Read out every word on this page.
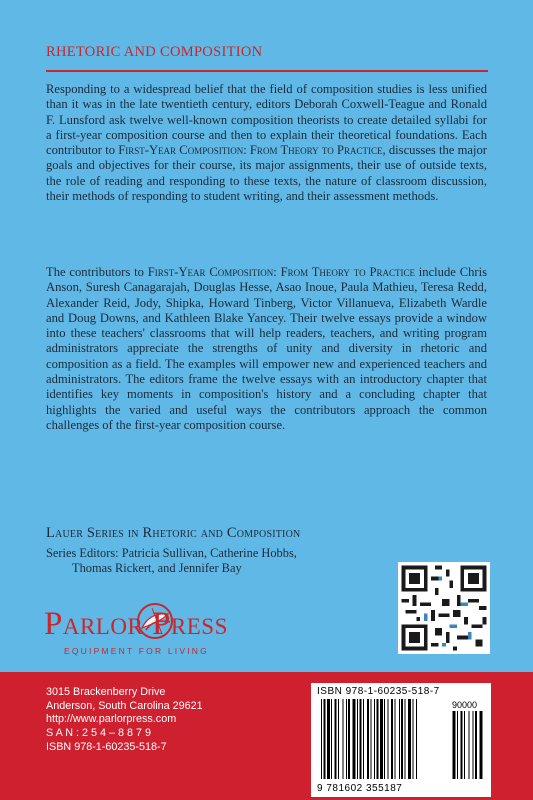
RHETORIC AND COMPOSITION
Responding to a widespread belief that the field of composition studies is less unified than it was in the late twentieth century, editors Deborah Coxwell-Teague and Ronald F. Lunsford ask twelve well-known composition theorists to create detailed syllabi for a first-year composition course and then to explain their theoretical foundations. Each contributor to First-Year Composition: From Theory to Practice, discusses the major goals and objectives for their course, its major assignments, their use of outside texts, the role of reading and responding to these texts, the nature of classroom discussion, their methods of responding to student writing, and their assessment methods.
The contributors to First-Year Composition: From Theory to Practice include Chris Anson, Suresh Canagarajah, Douglas Hesse, Asao Inoue, Paula Mathieu, Teresa Redd, Alexander Reid, Jody, Shipka, Howard Tinberg, Victor Villanueva, Elizabeth Wardle and Doug Downs, and Kathleen Blake Yancey. Their twelve essays provide a window into these teachers' classrooms that will help readers, teachers, and writing program administrators appreciate the strengths of unity and diversity in rhetoric and composition as a field. The examples will empower new and experienced teachers and administrators. The editors frame the twelve essays with an introductory chapter that identifies key moments in composition's history and a concluding chapter that highlights the varied and useful ways the contributors approach the common challenges of the first-year composition course.
Lauer Series in Rhetoric and Composition
Series Editors: Patricia Sullivan, Catherine Hobbs,
Thomas Rickert, and Jennifer Bay
Parlor Press
EQUIPMENT FOR LIVING
3015 Brackenberry Drive
Anderson, South Carolina 29621
http://www.parlorpress.com
S A N : 2 5 4 – 8 8 7 9
ISBN 978-1-60235-518-7
ISBN 978-1-60235-518-7
90000
9 781602 355187
